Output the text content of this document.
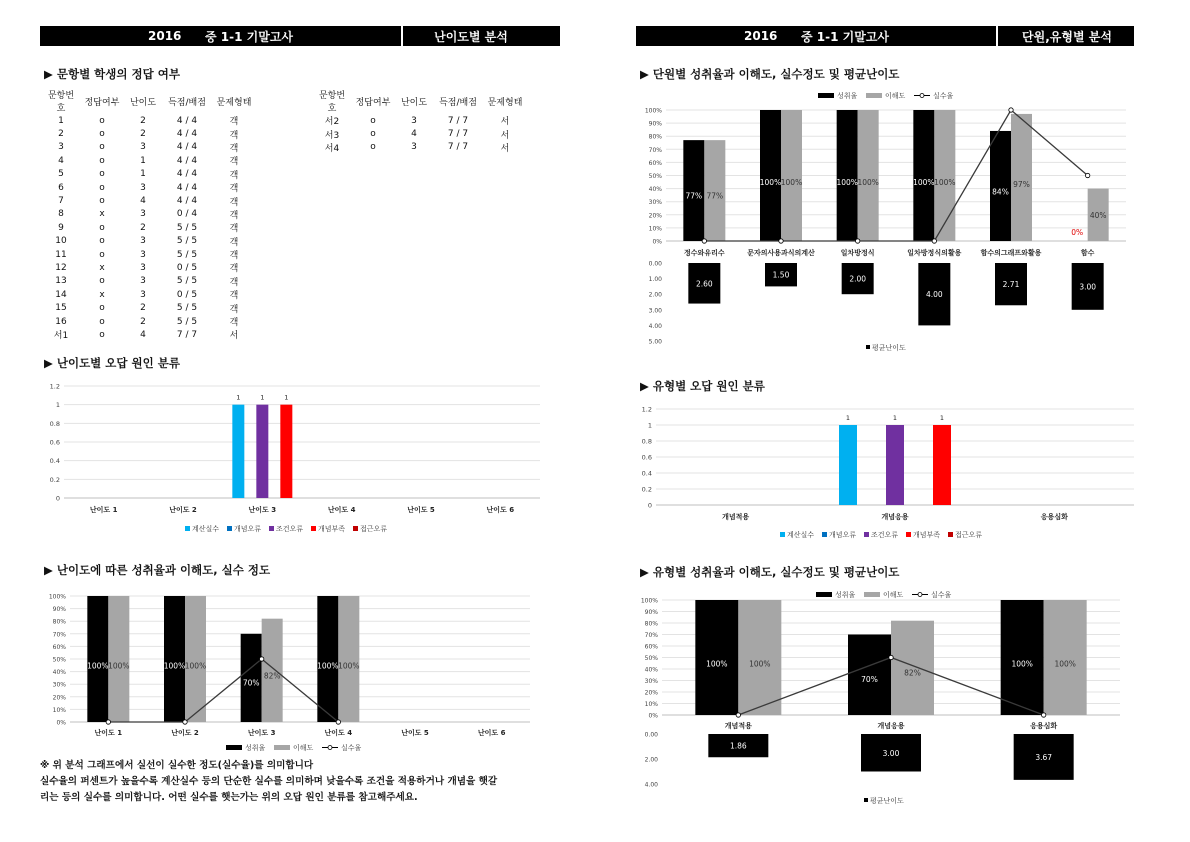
2016 중 1-1 기말고사	난이도별 분석
▶ 문항별 학생의 정답 여부
문항번호	정답여부	난이도	득점/배점	문제형태
1	o	2	4 / 4	객
2	o	2	4 / 4	객
3	o	3	4 / 4	객
4	o	1	4 / 4	객
5	o	1	4 / 4	객
6	o	3	4 / 4	객
7	o	4	4 / 4	객
8	x	3	0 / 4	객
9	o	2	5 / 5	객
10	o	3	5 / 5	객
11	o	3	5 / 5	객
12	x	3	0 / 5	객
13	o	3	5 / 5	객
14	x	3	0 / 5	객
15	o	2	5 / 5	객
16	o	2	5 / 5	객
서1	o	4	7 / 7	서
문항번호	정답여부	난이도	득점/배점	문제형태
서2	o	3	7 / 7	서
서3	o	4	7 / 7	서
서4	o	3	7 / 7	서
▶ 난이도별 오답 원인 분류
0
0.2
0.4
0.6
0.8
1
1.2
난이도 1	난이도 2	난이도 3
1	1	1
난이도 4	난이도 5	난이도 6
계산실수 개념오류 조건오류 개념부족 접근오류
▶ 난이도에 따른 성취율과 이해도, 실수 정도
0%
10%
20%
30%
40%
50%
60%
70%
80%
90%
100%
난이도 1
100% 100%
난이도 2
100% 100%
난이도 3
70%
82%
난이도 4
100% 100%
난이도 5	난이도 6
성취율	이해도	실수율
※ 위 분석 그래프에서 실선이 실수한 정도(실수율)를 의미합니다
실수율의 퍼센트가 높을수록 계산실수 등의 단순한 실수를 의미하며 낮을수록 조건을 적용하거나 개념을 햇갈
리는 등의 실수를 의미합니다. 어떤 실수를 햇는가는 위의 오답 원인 분류를 참고해주세요.
2016 중 1-1 기말고사	단원,유형별 분석
▶ 단원별 성취율과 이해도, 실수정도 및 평균난이도
0%
10%
20%
30%
40%
50%
60%
70%
80%
90%
100%
정수와유리수
77% 77%
문자의사용과식의계산
100% 100%
일차방정식
100% 100%
일차방정식의활용
100% 100%
함수의그래프와활용
84%
97%
함수
0%
40%
성취율	이해도	실수율
0.00
1.00
2.00
3.00
4.00
5.00
2.60
1.50	2.00
4.00
2.71	3.00
평균난이도
▶ 유형별 오답 원인 분류
0
0.2
0.4
0.6
0.8
1
1.2
개념적용	개념응용
1	1	1
응용심화
계산실수 개념오류 조건오류 개념부족 접근오류
▶ 유형별 성취율과 이해도, 실수정도 및 평균난이도
0%
10%
20%
30%
40%
50%
60%
70%
80%
90%
100%
개념적용
100%	100%
개념응용
70%
82%
응용심화
100%	100%
성취율	이해도	실수율
0.00
2.00
4.00
1.86
3.00	3.67
평균난이도
